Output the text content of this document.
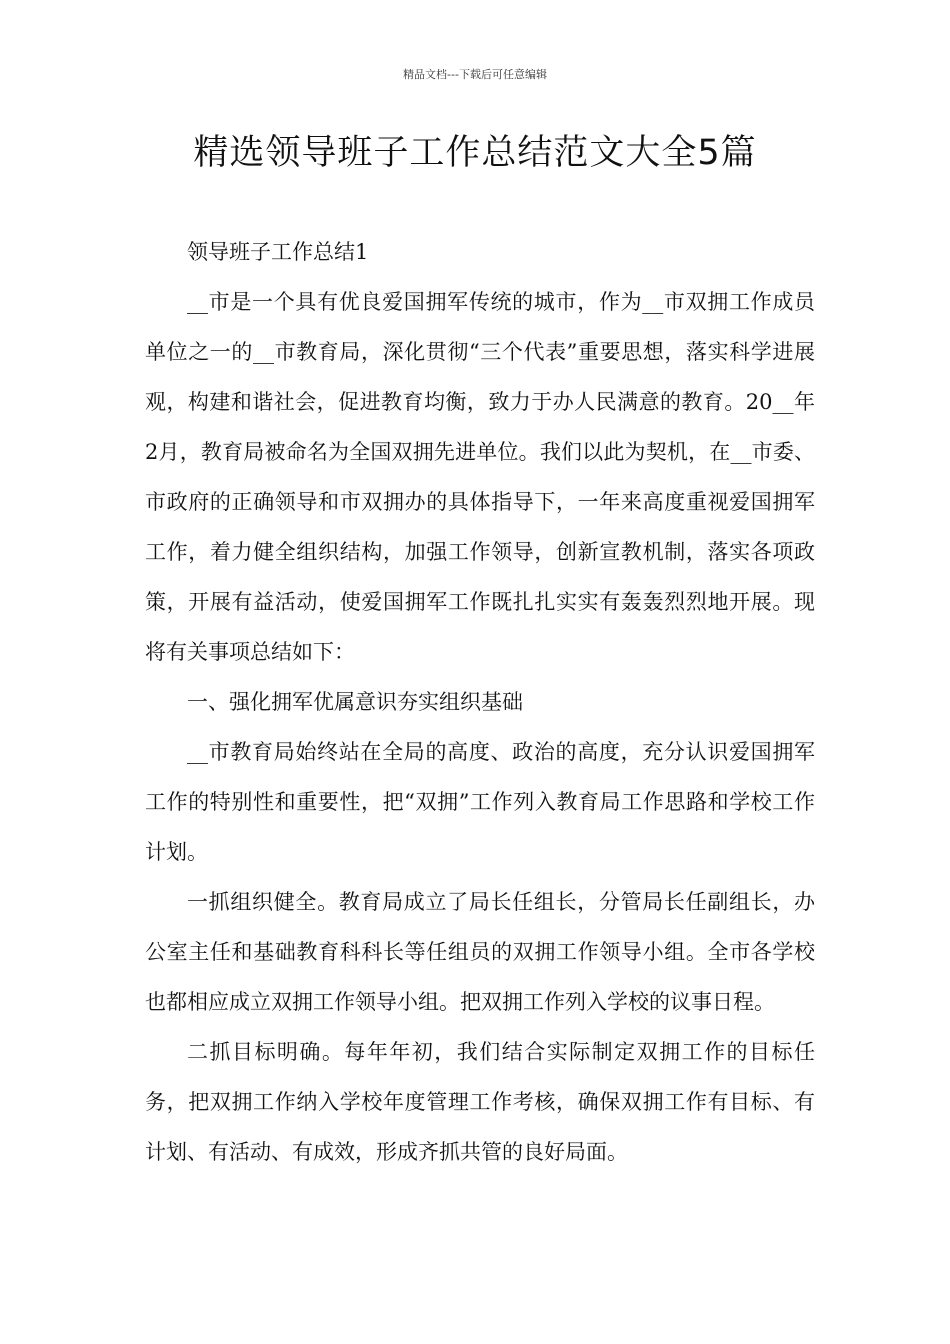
精品文档---下载后可任意编辑
精选领导班子工作总结范文大全5篇

领导班子工作总结1

__市是一个具有优良爱国拥军传统的城市，作为__市双拥工作成员单位之一的__市教育局，深化贯彻“三个代表”重要思想，落实科学进展观，构建和谐社会，促进教育均衡，致力于办人民满意的教育。20__年2月，教育局被命名为全国双拥先进单位。我们以此为契机，在__市委、市政府的正确领导和市双拥办的具体指导下，一年来高度重视爱国拥军工作，着力健全组织结构，加强工作领导，创新宣教机制，落实各项政策，开展有益活动，使爱国拥军工作既扎扎实实有轰轰烈烈地开展。现将有关事项总结如下：

一、强化拥军优属意识夯实组织基础

__市教育局始终站在全局的高度、政治的高度，充分认识爱国拥军工作的特别性和重要性，把“双拥”工作列入教育局工作思路和学校工作计划。

一抓组织健全。教育局成立了局长任组长，分管局长任副组长，办公室主任和基础教育科科长等任组员的双拥工作领导小组。全市各学校也都相应成立双拥工作领导小组。把双拥工作列入学校的议事日程。

二抓目标明确。每年年初，我们结合实际制定双拥工作的目标任务，把双拥工作纳入学校年度管理工作考核，确保双拥工作有目标、有计划、有活动、有成效，形成齐抓共管的良好局面。
